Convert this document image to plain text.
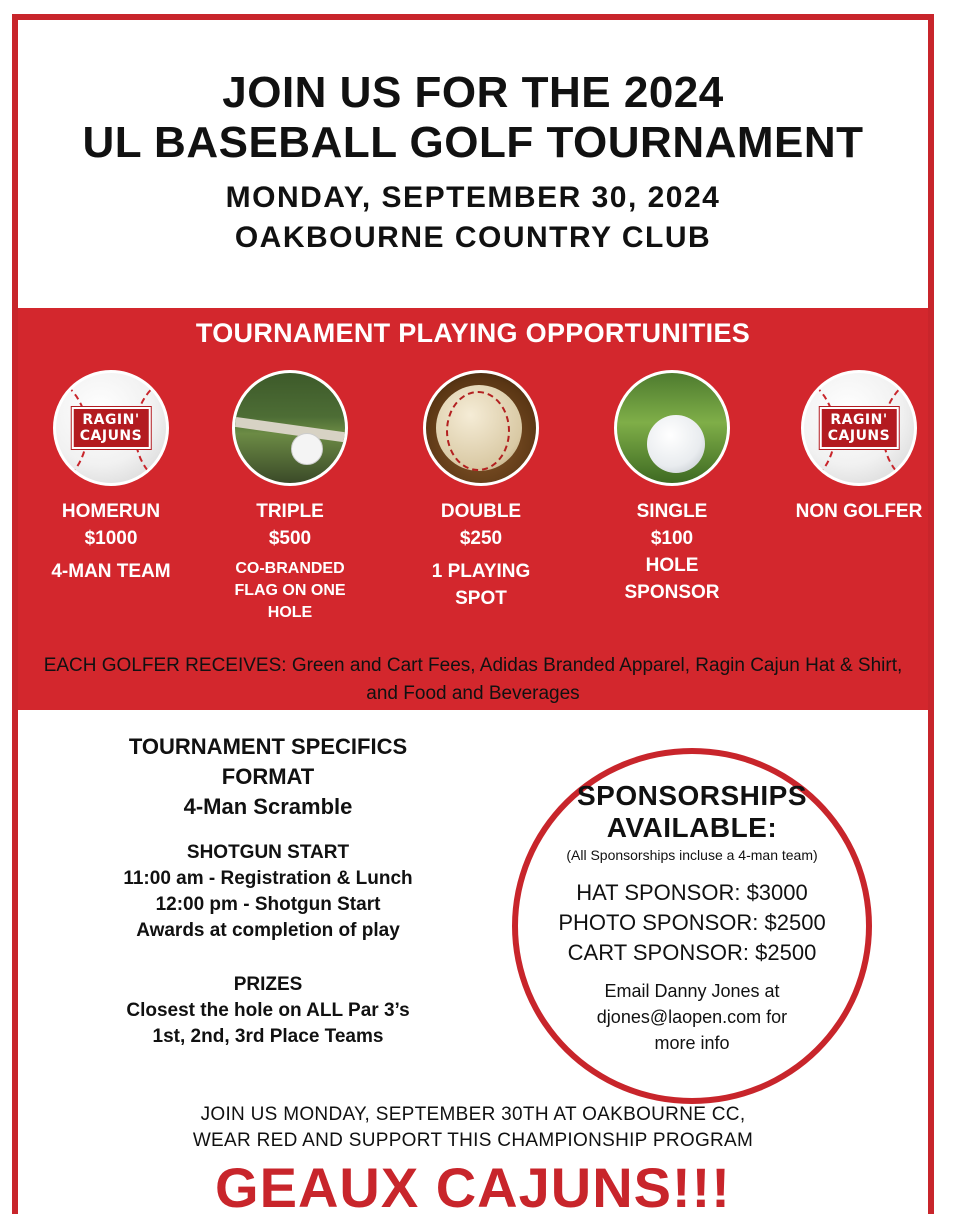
JOIN US FOR THE 2024
UL BASEBALL GOLF TOURNAMENT
MONDAY, SEPTEMBER 30, 2024
OAKBOURNE COUNTRY CLUB
TOURNAMENT PLAYING OPPORTUNITIES
RAGIN'
CAJUNS
HOMERUN
$1000
4-MAN TEAM
TRIPLE
$500
CO-BRANDED FLAG ON ONE HOLE
DOUBLE
$250
1 PLAYING SPOT
SINGLE
$100
HOLE SPONSOR
RAGIN'
CAJUNS
NON GOLFER
EACH GOLFER RECEIVES: Green and Cart Fees, Adidas Branded Apparel, Ragin Cajun Hat & Shirt, and Food and Beverages
TOURNAMENT SPECIFICS
FORMAT
4-Man Scramble
SHOTGUN START
11:00 am - Registration & Lunch
12:00 pm - Shotgun Start
Awards at completion of play
PRIZES
Closest the hole on ALL Par 3’s
1st, 2nd, 3rd Place Teams
SPONSORSHIPS
AVAILABLE:
(All Sponsorships incluse a 4-man team)
HAT SPONSOR: $3000
PHOTO SPONSOR: $2500
CART SPONSOR: $2500
Email Danny Jones at
djones@laopen.com for
more info
JOIN US MONDAY, SEPTEMBER 30TH AT OAKBOURNE CC,
WEAR RED AND SUPPORT THIS CHAMPIONSHIP PROGRAM
GEAUX CAJUNS!!!
